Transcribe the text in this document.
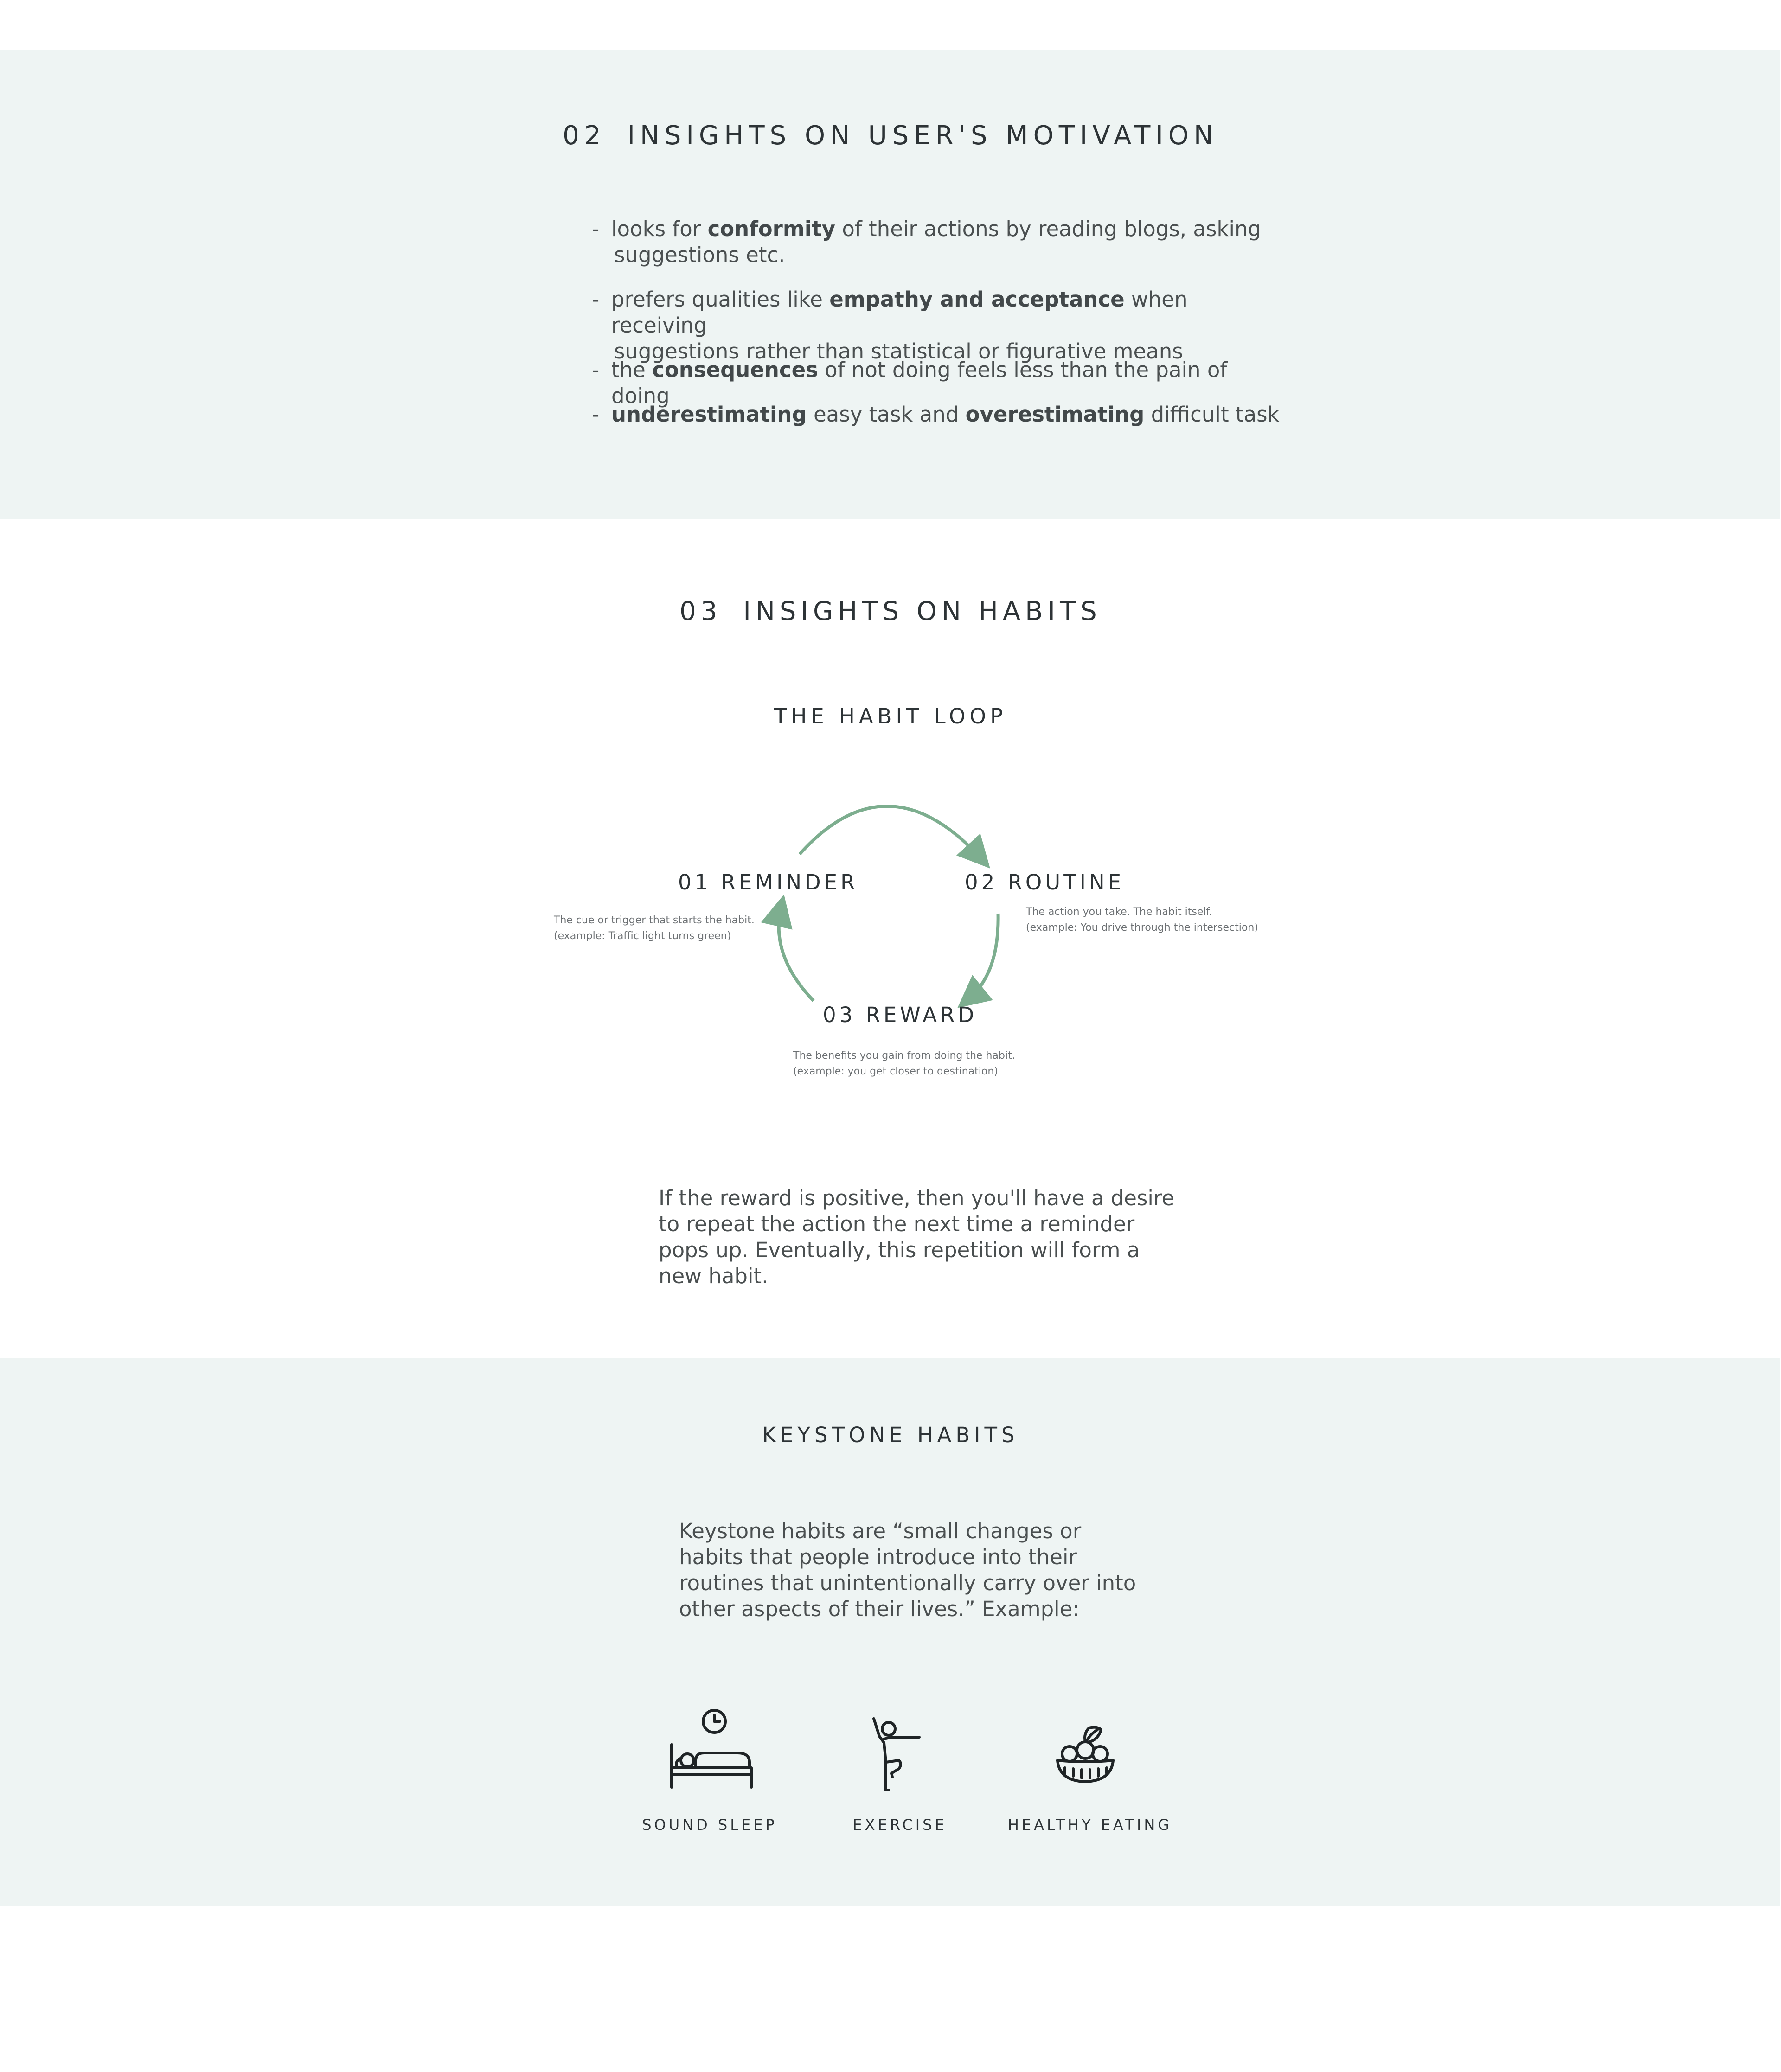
02 INSIGHTS ON USER'S MOTIVATION
- looks for conformity of their actions by reading blogs, asking
suggestions etc.
- prefers qualities like empathy and acceptance when receiving
suggestions rather than statistical or figurative means
- the consequences of not doing feels less than the pain of doing
- underestimating easy task and overestimating difficult task
03 INSIGHTS ON HABITS
THE HABIT LOOP
01 REMINDER	02 ROUTINE
03 REWARD
The cue or trigger that starts the habit.
(example: Traffic light turns green)
The action you take. The habit itself.
(example: You drive through the intersection)
The benefits you gain from doing the habit.
(example: you get closer to destination)
If the reward is positive, then you'll have a desire to repeat the action the next time a reminder pops up. Eventually, this repetition will form a new habit.
KEYSTONE HABITS
Keystone habits are “small changes or habits that people introduce into their routines that unintentionally carry over into other aspects of their lives.” Example:
SOUND SLEEP	EXERCISE	HEALTHY EATING
